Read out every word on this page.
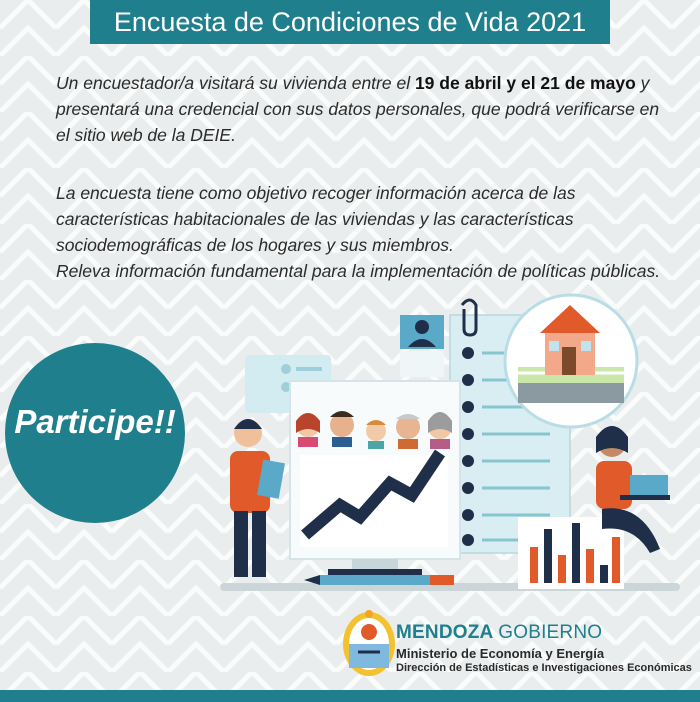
Encuesta de Condiciones de Vida 2021

Un encuestador/a visitará su vivienda entre el 19 de abril y el 21 de mayo y presentará una credencial con sus datos personales, que podrá verificarse en el sitio web de la DEIE.

La encuesta tiene como objetivo recoger información acerca de las características habitacionales de las viviendas y las características sociodemográficas de los hogares y sus miembros.
Releva información fundamental para la implementación de políticas públicas.

Participe!!
MENDOZA GOBIERNO
Ministerio de Economía y Energía
Dirección de Estadísticas e Investigaciones Económicas
